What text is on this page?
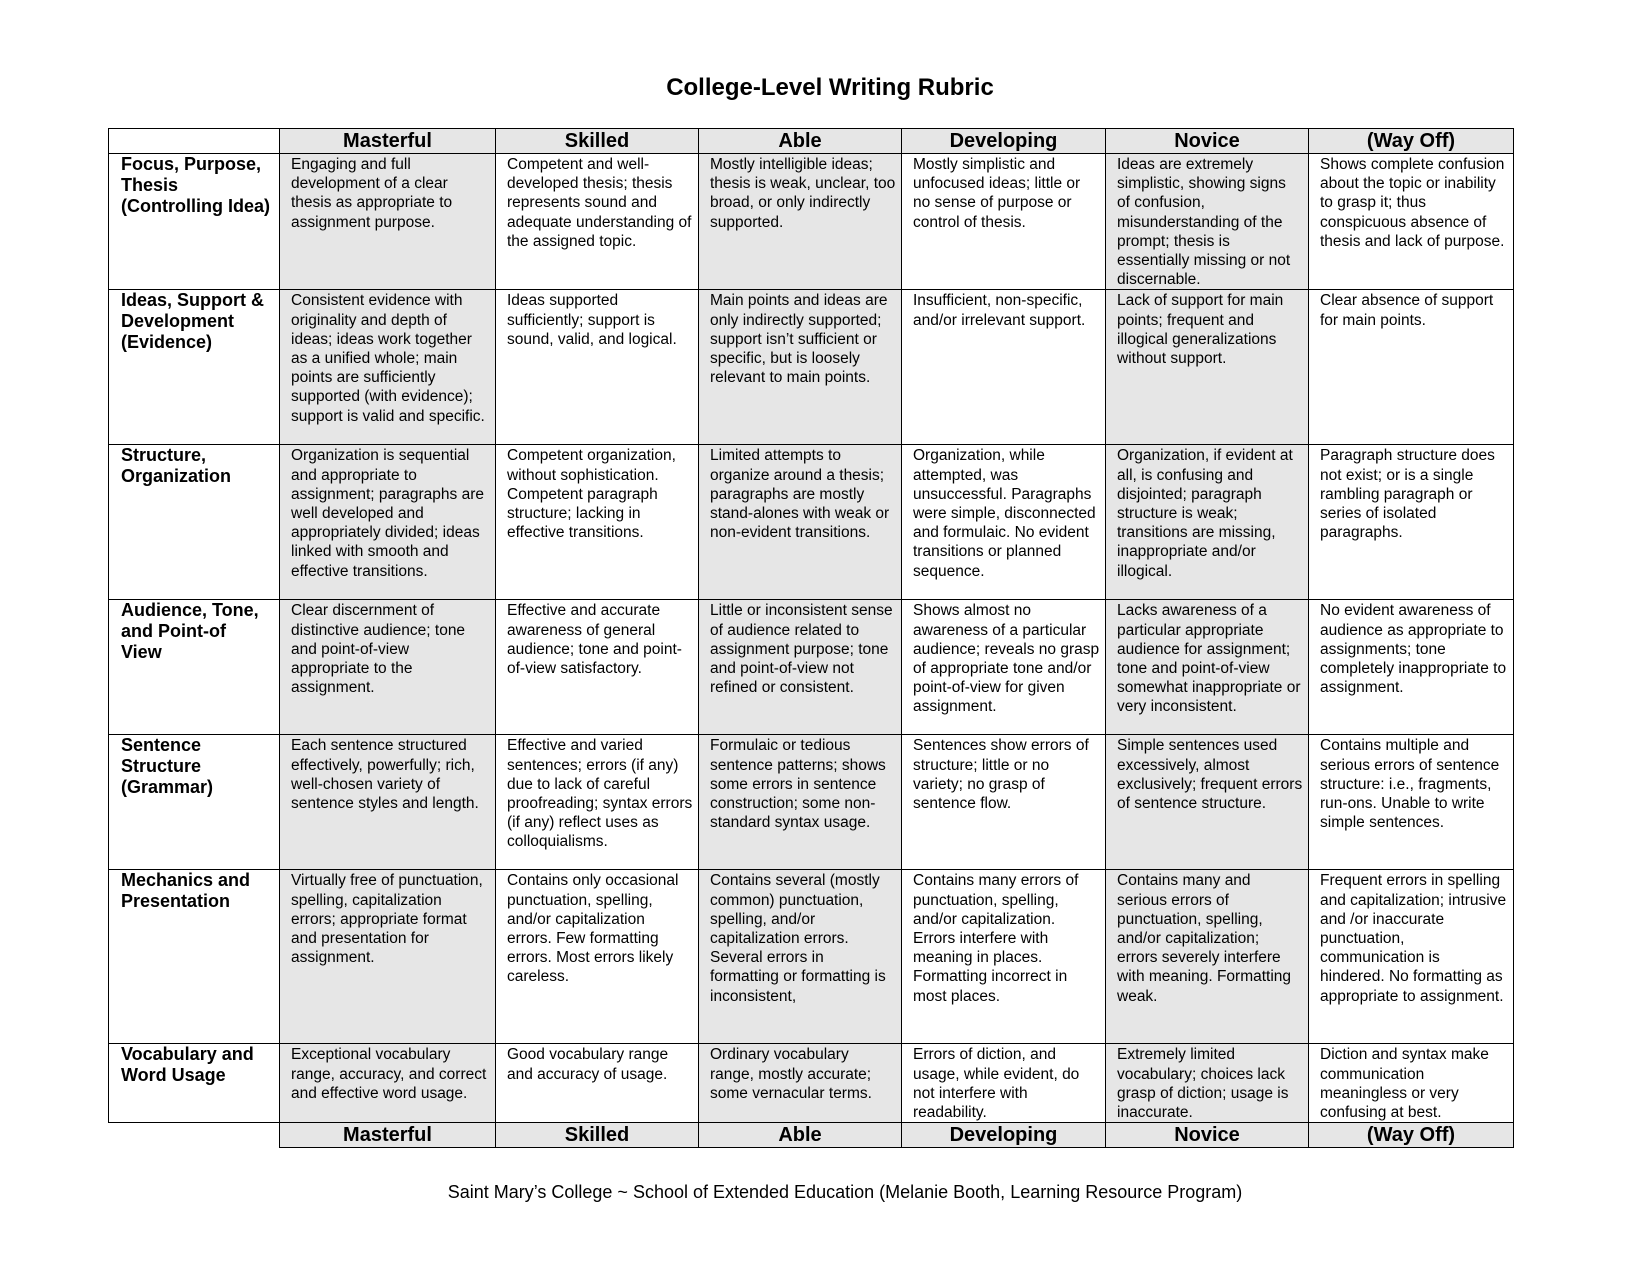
College-Level Writing Rubric
	Masterful	Skilled	Able	Developing	Novice	(Way Off)
Focus, Purpose, Thesis (Controlling Idea)	Engaging and full development of a clear thesis as appropriate to assignment purpose.	Competent and well-developed thesis; thesis represents sound and adequate understanding of the assigned topic.	Mostly intelligible ideas; thesis is weak, unclear, too broad, or only indirectly supported.	Mostly simplistic and unfocused ideas; little or no sense of purpose or control of thesis.	Ideas are extremely simplistic, showing signs of confusion, misunderstanding of the prompt; thesis is essentially missing or not discernable.	Shows complete confusion about the topic or inability to grasp it; thus conspicuous absence of thesis and lack of purpose.
Ideas, Support & Development (Evidence)	Consistent evidence with originality and depth of ideas; ideas work together as a unified whole; main points are sufficiently supported (with evidence); support is valid and specific.	Ideas supported sufficiently; support is sound, valid, and logical.	Main points and ideas are only indirectly supported; support isn’t sufficient or specific, but is loosely relevant to main points.	Insufficient, non-specific, and/or irrelevant support.	Lack of support for main points; frequent and illogical generalizations without support.	Clear absence of support for main points.
Structure, Organization	Organization is sequential and appropriate to assignment; paragraphs are well developed and appropriately divided; ideas linked with smooth and effective transitions.	Competent organization, without sophistication. Competent paragraph structure; lacking in effective transitions.	Limited attempts to organize around a thesis; paragraphs are mostly stand-alones with weak or non-evident transitions.	Organization, while attempted, was unsuccessful. Paragraphs were simple, disconnected and formulaic. No evident transitions or planned sequence.	Organization, if evident at all, is confusing and disjointed; paragraph structure is weak; transitions are missing, inappropriate and/or illogical.	Paragraph structure does not exist; or is a single rambling paragraph or series of isolated paragraphs.
Audience, Tone, and Point-of View	Clear discernment of distinctive audience; tone and point-of-view appropriate to the assignment.	Effective and accurate awareness of general audience; tone and point-of-view satisfactory.	Little or inconsistent sense of audience related to assignment purpose; tone and point-of-view not refined or consistent.	Shows almost no awareness of a particular audience; reveals no grasp of appropriate tone and/or point-of-view for given assignment.	Lacks awareness of a particular appropriate audience for assignment; tone and point-of-view somewhat inappropriate or very inconsistent.	No evident awareness of audience as appropriate to assignments; tone completely inappropriate to assignment.
Sentence Structure (Grammar)	Each sentence structured effectively, powerfully; rich, well-chosen variety of sentence styles and length.	Effective and varied sentences; errors (if any) due to lack of careful proofreading; syntax errors (if any) reflect uses as colloquialisms.	Formulaic or tedious sentence patterns; shows some errors in sentence construction; some non-standard syntax usage.	Sentences show errors of structure; little or no variety; no grasp of sentence flow.	Simple sentences used excessively, almost exclusively; frequent errors of sentence structure.	Contains multiple and serious errors of sentence structure: i.e., fragments, run-ons. Unable to write simple sentences.
Mechanics and Presentation	Virtually free of punctuation, spelling, capitalization errors; appropriate format and presentation for assignment.	Contains only occasional punctuation, spelling, and/or capitalization errors. Few formatting errors. Most errors likely careless.	Contains several (mostly common) punctuation, spelling, and/or capitalization errors. Several errors in formatting or formatting is inconsistent,	Contains many errors of punctuation, spelling, and/or capitalization. Errors interfere with meaning in places. Formatting incorrect in most places.	Contains many and serious errors of punctuation, spelling, and/or capitalization; errors severely interfere with meaning. Formatting weak.	Frequent errors in spelling and capitalization; intrusive and /or inaccurate punctuation, communication is hindered. No formatting as appropriate to assignment.
Vocabulary and Word Usage	Exceptional vocabulary range, accuracy, and correct and effective word usage.	Good vocabulary range and accuracy of usage.	Ordinary vocabulary range, mostly accurate; some vernacular terms.	Errors of diction, and usage, while evident, do not interfere with readability.	Extremely limited vocabulary; choices lack grasp of diction; usage is inaccurate.	Diction and syntax make communication meaningless or very confusing at best.
	Masterful	Skilled	Able	Developing	Novice	(Way Off)
Saint Mary’s College ~ School of Extended Education (Melanie Booth, Learning Resource Program)
